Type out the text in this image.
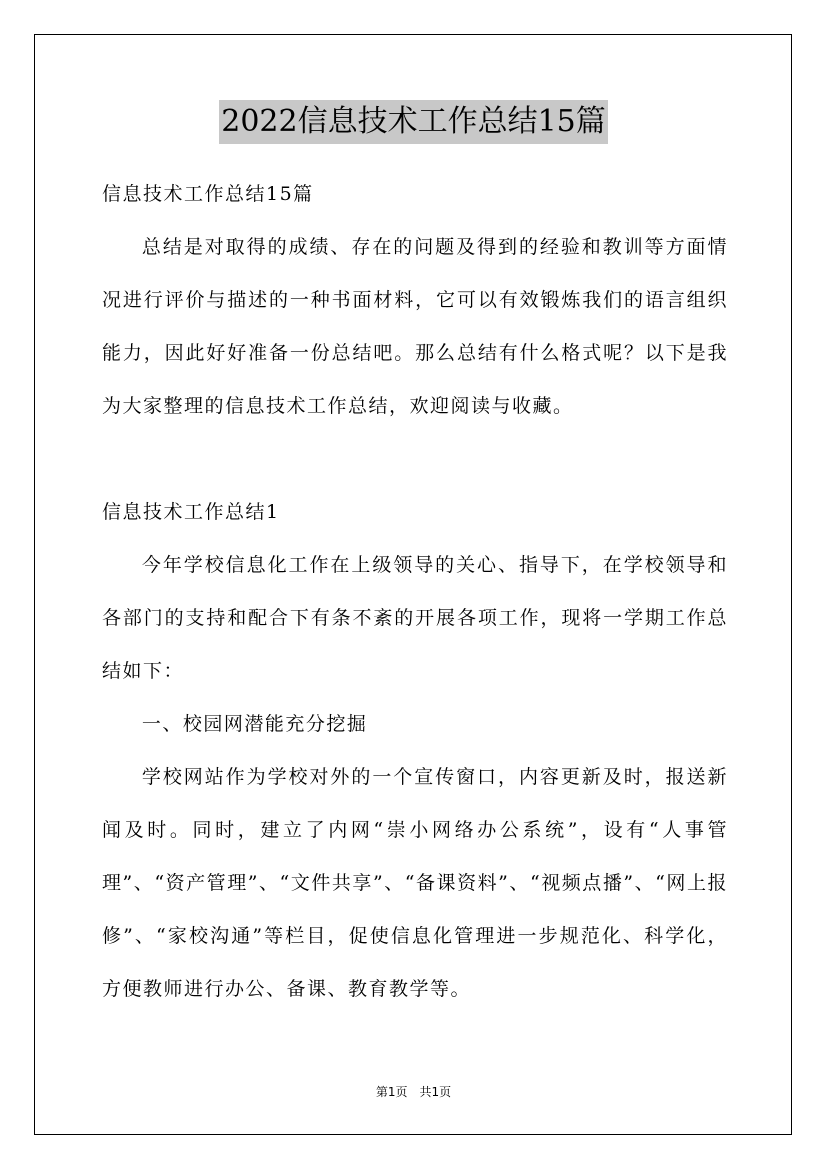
2022信息技术工作总结15篇
信息技术工作总结15篇

总结是对取得的成绩、存在的问题及得到的经验和教训等方面情况进行评价与描述的一种书面材料，它可以有效锻炼我们的语言组织能力，因此好好准备一份总结吧。那么总结有什么格式呢？以下是我为大家整理的信息技术工作总结，欢迎阅读与收藏。

信息技术工作总结1

今年学校信息化工作在上级领导的关心、指导下，在学校领导和各部门的支持和配合下有条不紊的开展各项工作，现将一学期工作总结如下：

一、校园网潜能充分挖掘

学校网站作为学校对外的一个宣传窗口，内容更新及时，报送新闻及时。同时，建立了内网“崇小网络办公系统”，设有“人事管理”、“资产管理”、“文件共享”、“备课资料”、“视频点播”、“网上报修”、“家校沟通”等栏目，促使信息化管理进一步规范化、科学化，方便教师进行办公、备课、教育教学等。

第1页 共1页
